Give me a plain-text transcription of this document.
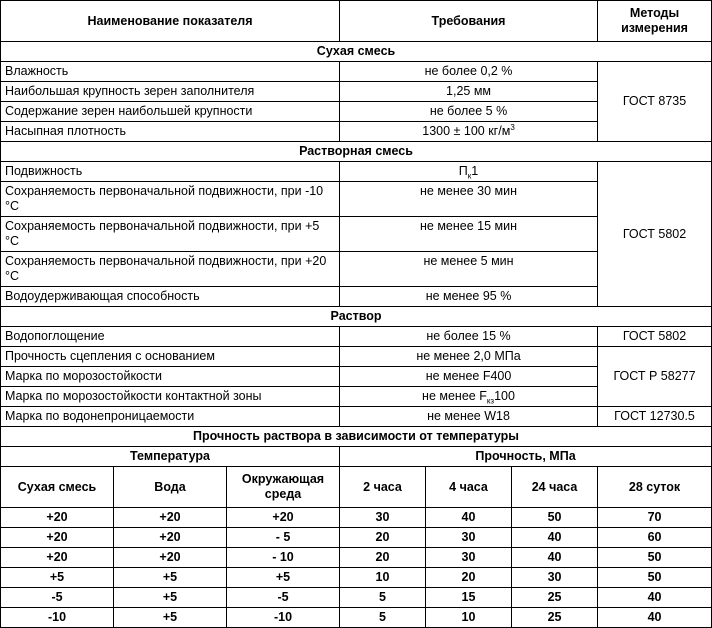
Наименование показателя			Требования			Методы измерения
Сухая смесь						
Влажность			не более 0,2 %			ГОСТ 8735
Наибольшая крупность зерен заполнителя			1,25 мм			
Содержание зерен наибольшей крупности			не более 5 %			
Насыпная плотность			1300 ± 100 $кг/м^3$
Растворная смесь						
Подвижность			$П_к1$			ГОСТ 5802
Сохраняемость первоначальной подвижности, при -10 °С			не менее 30 мин			
Сохраняемость первоначальной подвижности, при +5 °С			не менее 15 мин			
Сохраняемость первоначальной подвижности, при +20 °С			не менее 5 мин			
Водоудерживающая способность			не менее 95 %			
Раствор						
Водопоглощение			не более 15 %			ГОСТ 5802
Прочность сцепления с основанием			не менее 2,0 МПа			ГОСТ Р 58277
Марка по морозостойкости			не менее F400			
Марка по морозостойкости контактной зоны			не менее $F_{кз}100$			
Марка по водонепроницаемости			не менее W18			ГОСТ 12730.5
Прочность раствора в зависимости от температуры						
Температура			Прочность, МПа			
Сухая смесь	Вода	Окружающая среда	2 часа	4 часа	24 часа	28 суток
+20	+20	+20	30	40	50	70
+20	+20	- 5	20	30	40	60
+20	+20	- 10	20	30	40	50
+5	+5	+5	10	20	30	50
-5	+5	-5	5	15	25	40
-10	+5	-10	5	10	25	40
